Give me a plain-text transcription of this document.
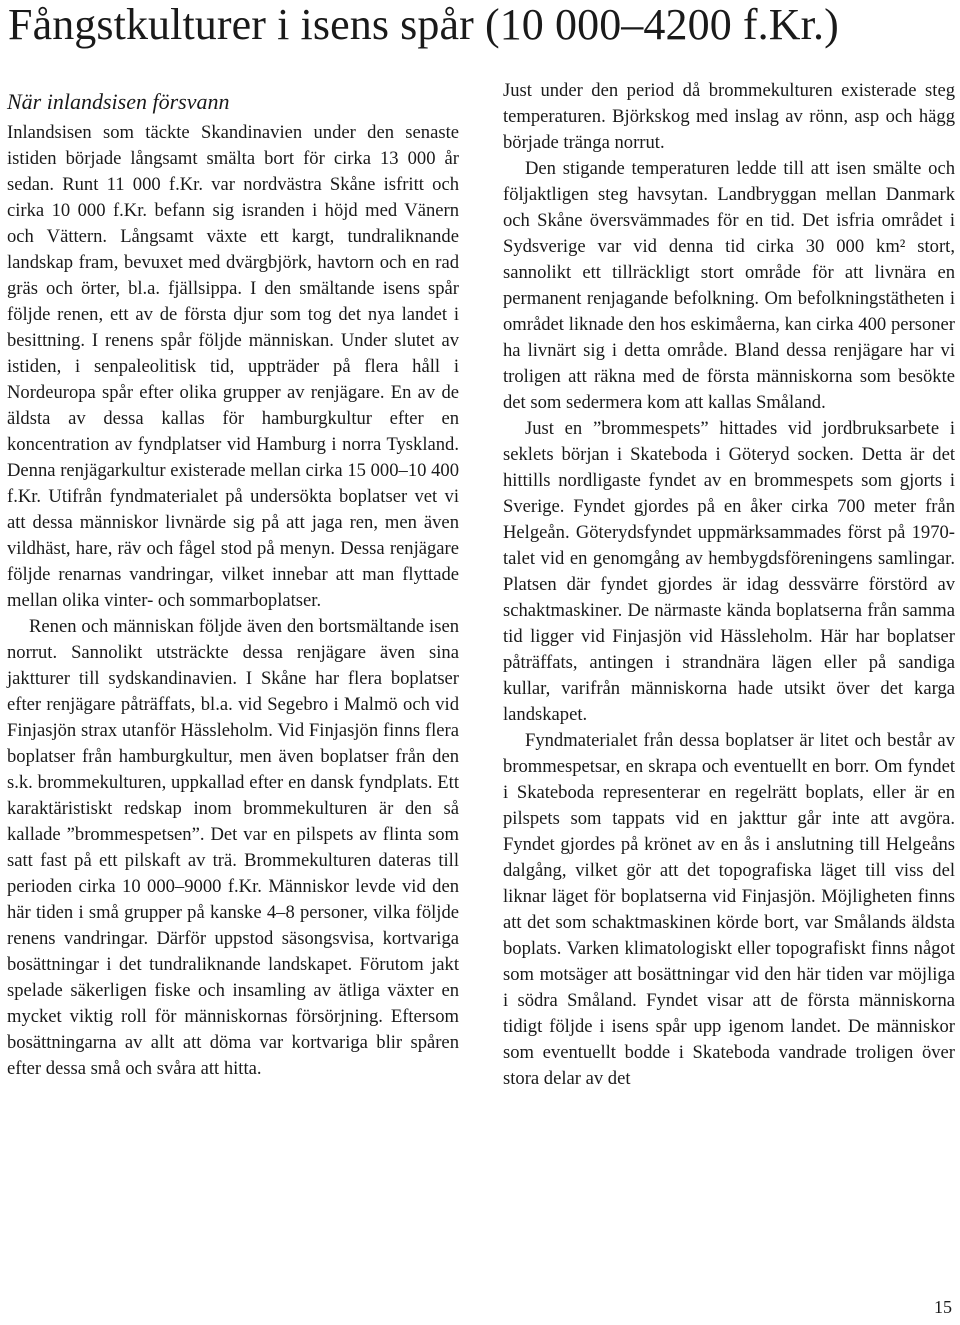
Fångstkulturer i isens spår (10 000–4200 f.Kr.)
När inlandsisen försvann

Inlandsisen som täckte Skandinavien under den senaste istiden började långsamt smälta bort för cirka 13 000 år sedan. Runt 11 000 f.Kr. var nordvästra Skåne isfritt och cirka 10 000 f.Kr. befann sig isranden i höjd med Vänern och Vättern. Långsamt växte ett kargt, tundraliknande landskap fram, bevuxet med dvärgbjörk, havtorn och en rad gräs och örter, bl.a. fjällsippa. I den smältande isens spår följde renen, ett av de första djur som tog det nya landet i besittning. I renens spår följde människan. Under slutet av istiden, i senpaleolitisk tid, uppträder på flera håll i Nordeuropa spår efter olika grupper av renjägare. En av de äldsta av dessa kallas för hamburgkultur efter en koncentration av fyndplatser vid Hamburg i norra Tyskland. Denna renjägarkultur existerade mellan cirka 15 000–10 400 f.Kr. Utifrån fyndmaterialet på undersökta boplatser vet vi att dessa människor livnärde sig på att jaga ren, men även vildhäst, hare, räv och fågel stod på menyn. Dessa renjägare följde renarnas vandringar, vilket innebar att man flyttade mellan olika vinter- och sommarboplatser.

Renen och människan följde även den bortsmältande isen norrut. Sannolikt utsträckte dessa renjägare även sina jaktturer till sydskandinavien. I Skåne har flera boplatser efter renjägare påträffats, bl.a. vid Segebro i Malmö och vid Finjasjön strax utanför Hässleholm. Vid Finjasjön finns flera boplatser från hamburgkultur, men även boplatser från den s.k. brommekulturen, uppkallad efter en dansk fyndplats. Ett karaktäristiskt redskap inom brommekulturen är den så kallade ”brommespetsen”. Det var en pilspets av flinta som satt fast på ett pilskaft av trä. Brommekulturen dateras till perioden cirka 10 000–9000 f.Kr. Människor levde vid den här tiden i små grupper på kanske 4–8 personer, vilka följde renens vandringar. Därför uppstod säsongsvisa, kortvariga bosättningar i det tundraliknande landskapet. Förutom jakt spelade säkerligen fiske och insamling av ätliga växter en mycket viktig roll för människornas försörjning. Eftersom bosättningarna av allt att döma var kortvariga blir spåren efter dessa små och svåra att hitta.

Just under den period då brommekulturen existerade steg temperaturen. Björkskog med inslag av rönn, asp och hägg började tränga norrut.

Den stigande temperaturen ledde till att isen smälte och följaktligen steg havsytan. Landbryggan mellan Danmark och Skåne översvämmades för en tid. Det isfria området i Sydsverige var vid denna tid cirka 30 000 km² stort, sannolikt ett tillräckligt stort område för att livnära en permanent renjagande befolkning. Om befolkningstätheten i området liknade den hos eskimåerna, kan cirka 400 personer ha livnärt sig i detta område. Bland dessa renjägare har vi troligen att räkna med de första människorna som besökte det som sedermera kom att kallas Småland.

Just en ”brommespets” hittades vid jordbruksarbete i seklets början i Skateboda i Göteryd socken. Detta är det hittills nordligaste fyndet av en brommespets som gjorts i Sverige. Fyndet gjordes på en åker cirka 700 meter från Helgeån. Göterydsfyndet uppmärksammades först på 1970-talet vid en genomgång av hembygdsföreningens samlingar. Platsen där fyndet gjordes är idag dessvärre förstörd av schaktmaskiner. De närmaste kända boplatserna från samma tid ligger vid Finjasjön vid Hässleholm. Här har boplatser påträffats, antingen i strandnära lägen eller på sandiga kullar, varifrån människorna hade utsikt över det karga landskapet.

Fyndmaterialet från dessa boplatser är litet och består av brommespetsar, en skrapa och eventuellt en borr. Om fyndet i Skateboda representerar en regelrätt boplats, eller är en pilspets som tappats vid en jakttur går inte att avgöra. Fyndet gjordes på krönet av en ås i anslutning till Helgeåns dalgång, vilket gör att det topografiska läget till viss del liknar läget för boplatserna vid Finjasjön. Möjligheten finns att det som schaktmaskinen körde bort, var Smålands äldsta boplats. Varken klimatologiskt eller topografiskt finns något som motsäger att bosättningar vid den här tiden var möjliga i södra Småland. Fyndet visar att de första människorna tidigt följde i isens spår upp igenom landet. De människor som eventuellt bodde i Skateboda vandrade troligen över stora delar av det

15
